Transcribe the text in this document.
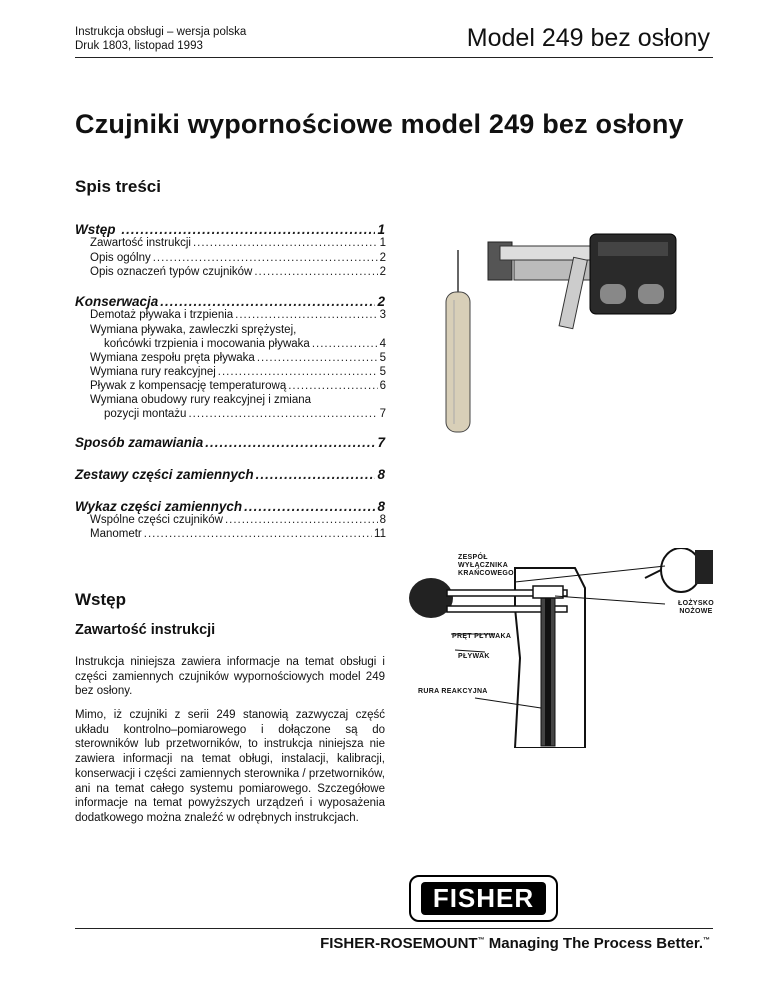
Instrukcja obsługi – wersja polska
Druk 1803, listopad 1993	Model 249 bez osłony
Czujniki wypornościowe model 249 bez osłony
Spis treści
Wstęp .....	1
Zawartość instrukcji .....	1
Opis ogólny .....	2
Opis oznaczeń typów czujników .....	2
Konserwacja .....	2
Demotaż pływaka i trzpienia .....	3
Wymiana pływaka, zawleczki sprężystej,
końcówki trzpienia i mocowania pływaka .....	4
Wymiana zespołu pręta pływaka .....	5
Wymiana rury reakcyjnej .....	5
Pływak z kompensację temperaturową .....	6
Wymiana obudowy rury reakcyjnej i zmiana
pozycji montażu .....	7
Sposób zamawiania .....	7
Zestawy części zamiennych .....	8
Wykaz części zamiennych .....	8
Wspólne części czujników .....	8
Manometr .....	11
Wstęp
Zawartość instrukcji
Instrukcja niniejsza zawiera informacje na temat obsługi i części zamiennych czujników wypornościowych model 249 bez osłony.
Mimo, iż czujniki z serii 249 stanowią zazwyczaj część układu kontrolno–pomiarowego i dołączone są do sterowników lub przetworników, to instrukcja niniejsza nie zawiera informacji na temat obługi, instalacji, kalibracji, konserwacji i części zamiennych sterownika / przetworników, ani na temat całego systemu pomiarowego. Szczegółowe informacje na temat powyższych urządzeń i wyposażenia dodatkowego można znaleźć w odrębnych instrukcjach.
ZESPÓŁ
WYŁĄCZNIKA
KRAŃCOWEGO
ŁOŻYSKO
NOŻOWE
PRĘT PŁYWAKA
PŁYWAK
RURA REAKCYJNA
FISHER
FISHER-ROSEMOUNT™ Managing The Process Better.™
